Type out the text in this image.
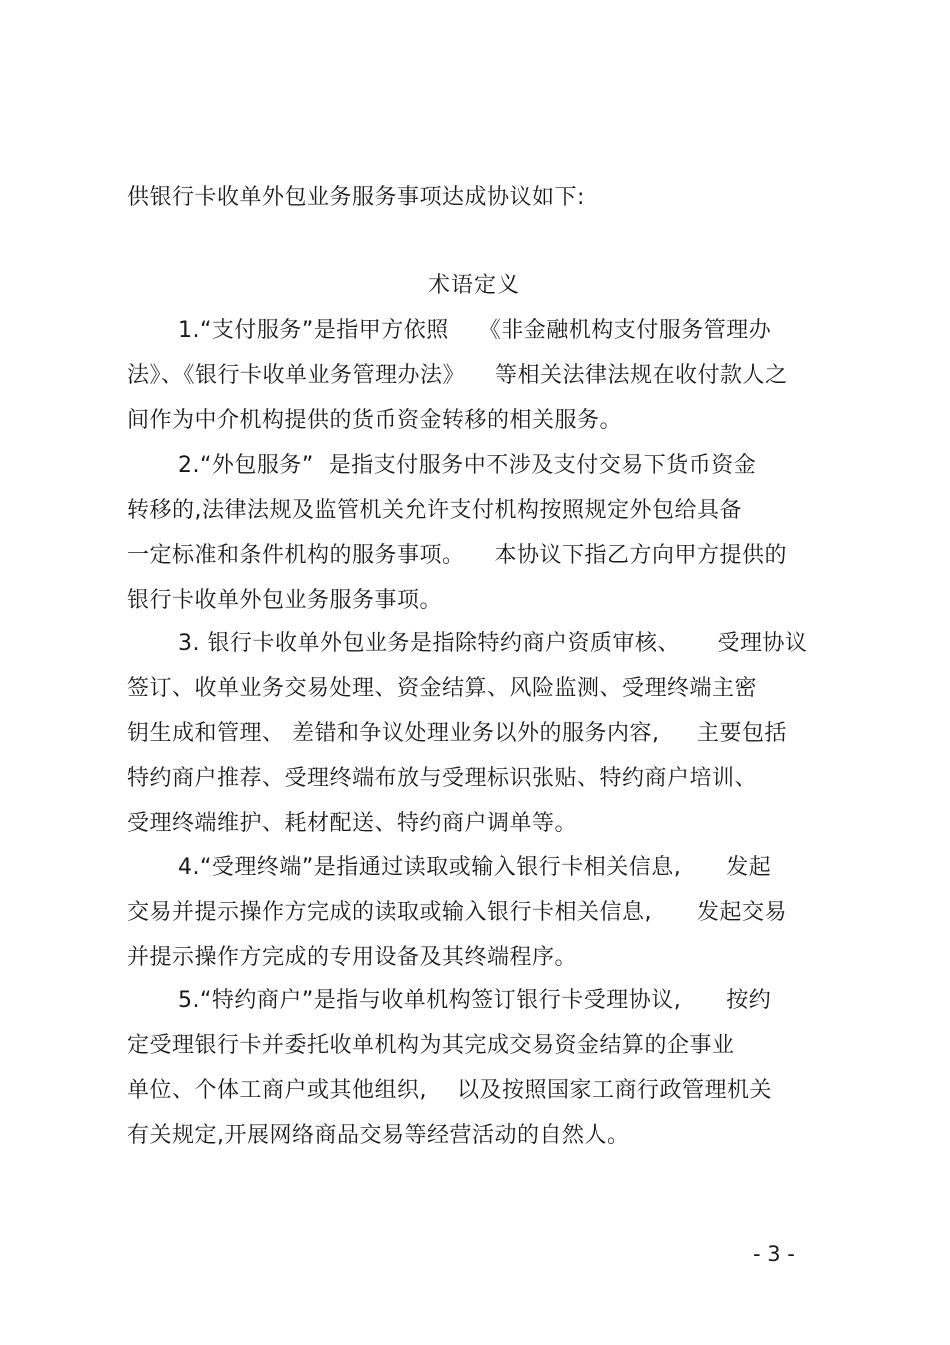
供银行卡收单外包业务服务事项达成协议如下:
术语定义
1.“支付服务”是指甲方依照    《非金融机构支付服务管理办
法》、《银行卡收单业务管理办法》    等相关法律法规在收付款人之
间作为中介机构提供的货币资金转移的相关服务。
2.“外包服务”  是指支付服务中不涉及支付交易下货币资金
转移的,法律法规及监管机关允许支付机构按照规定外包给具备
一定标准和条件机构的服务事项。    本协议下指乙方向甲方提供的
银行卡收单外包业务服务事项。
3. 银行卡收单外包业务是指除特约商户资质审核、     受理协议
签订、收单业务交易处理、资金结算、风险监测、受理终端主密
钥生成和管理、 差错和争议处理业务以外的服务内容,     主要包括
特约商户推荐、受理终端布放与受理标识张贴、特约商户培训、
受理终端维护、耗材配送、特约商户调单等。
4.“受理终端”是指通过读取或输入银行卡相关信息,      发起
交易并提示操作方完成的读取或输入银行卡相关信息,      发起交易
并提示操作方完成的专用设备及其终端程序。
5.“特约商户”是指与收单机构签订银行卡受理协议,      按约
定受理银行卡并委托收单机构为其完成交易资金结算的企事业
单位、个体工商户或其他组织,    以及按照国家工商行政管理机关
有关规定,开展网络商品交易等经营活动的自然人。
- 3 -
